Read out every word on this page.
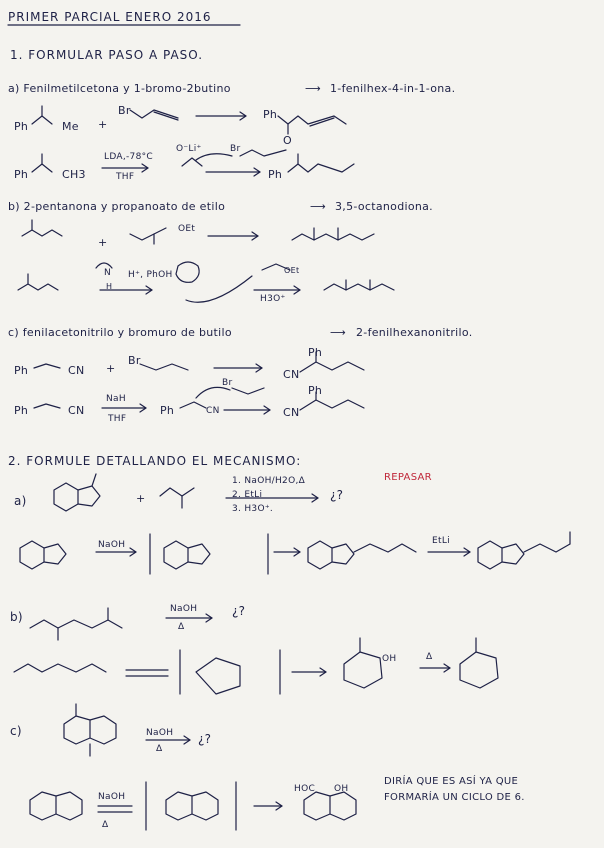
PRIMER PARCIAL ENERO 2016
1. FORMULAR PASO A PASO.
a) Fenilmetilcetona y 1-bromo-2butino	⟶ 1-fenilhex-4-in-1-ona.
Ph	Me +
Br	Ph
O
Ph	CH3
LDA,-78°C
THF
O⁻Li⁺	Br
Ph
b) 2-pentanona y propanoato de etilo	⟶ 3,5-octanodiona.
+
OEt
H⁺, PhOH
N
H
OEt
H3O⁺
c) fenilacetonitrilo y bromuro de butilo	⟶ 2-fenilhexanonitrilo.
Ph	CN +
Br
Ph
CN
Ph	CN
NaH
THF
Ph	CN
Br
Ph
CN
2. FORMULE DETALLANDO EL MECANISMO:
a)	+
1. NaOH/H2O,Δ
2. EtLi
3. H3O⁺.
¿?
REPASAR
NaOH	EtLi
b)
NaOH
Δ
¿?
OH	Δ
c)	NaOH
Δ
¿?
NaOH
Δ
HOC OH
DIRÍA QUE ES ASÍ YA QUE
FORMARÍA UN CICLO DE 6.
